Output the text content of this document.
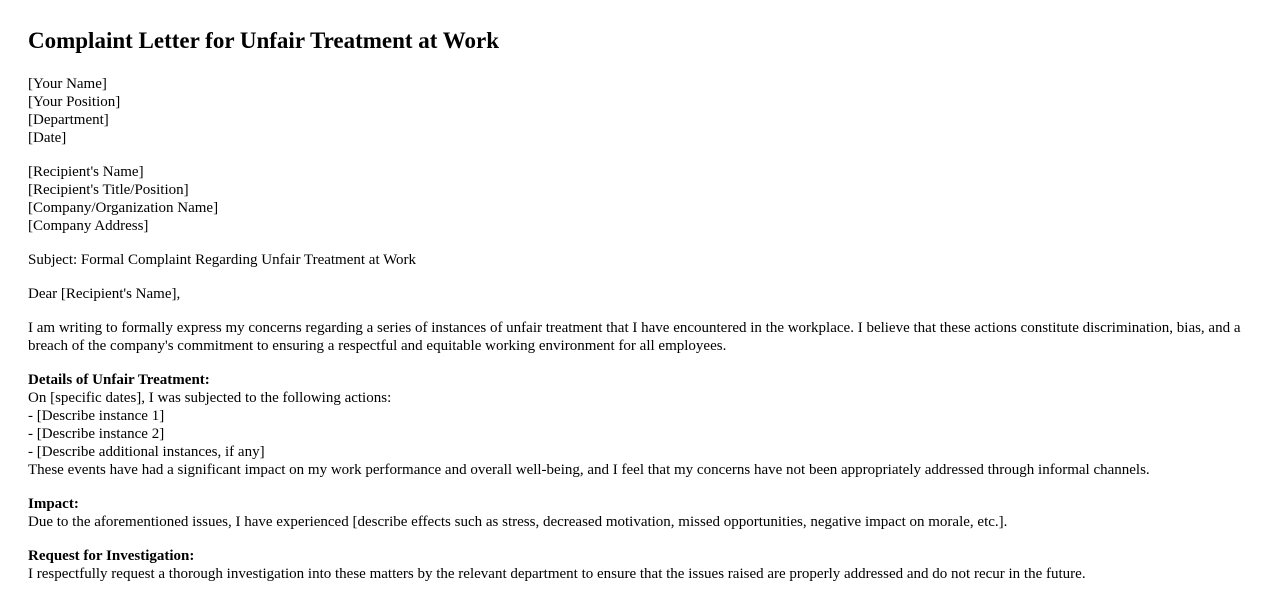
Complaint Letter for Unfair Treatment at Work
[Your Name]
[Your Position]
[Department]
[Date]
[Recipient's Name]
[Recipient's Title/Position]
[Company/Organization Name]
[Company Address]
Subject: Formal Complaint Regarding Unfair Treatment at Work
Dear [Recipient's Name],
I am writing to formally express my concerns regarding a series of instances of unfair treatment that I have encountered in the workplace. I believe that these actions constitute discrimination, bias, and a breach of the company's commitment to ensuring a respectful and equitable working environment for all employees.
Details of Unfair Treatment:
On [specific dates], I was subjected to the following actions:
- [Describe instance 1]
- [Describe instance 2]
- [Describe additional instances, if any]
These events have had a significant impact on my work performance and overall well-being, and I feel that my concerns have not been appropriately addressed through informal channels.
Impact:
Due to the aforementioned issues, I have experienced [describe effects such as stress, decreased motivation, missed opportunities, negative impact on morale, etc.].
Request for Investigation:
I respectfully request a thorough investigation into these matters by the relevant department to ensure that the issues raised are properly addressed and do not recur in the future.
